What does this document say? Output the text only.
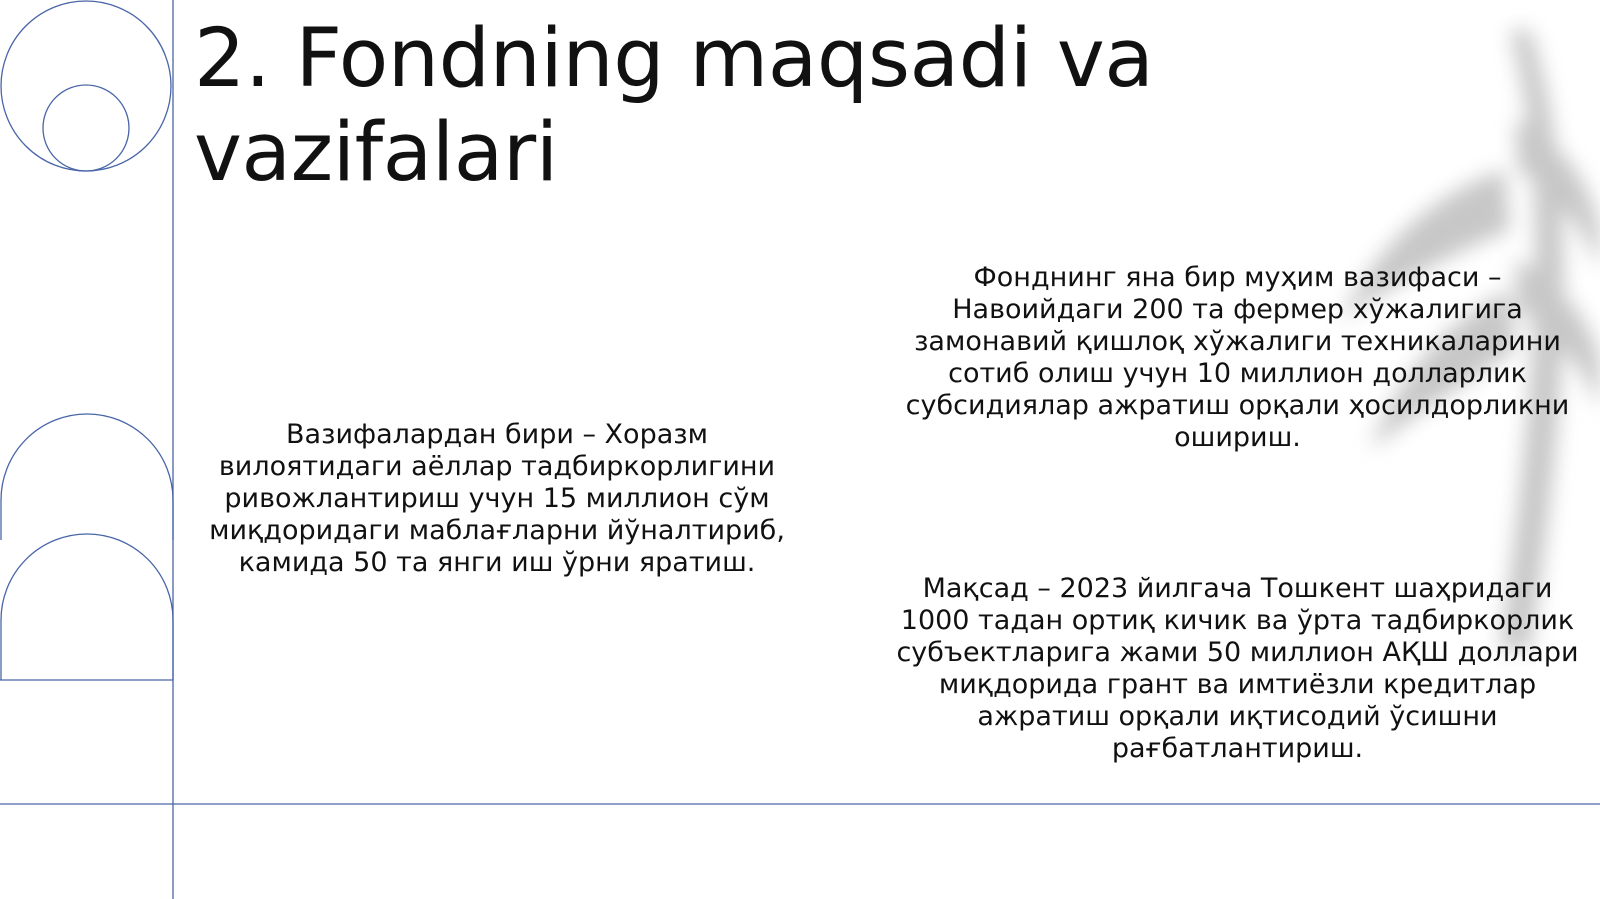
2. Fondning maqsadi va vazifalari

Вазифалардан бири – Хоразм вилоятидаги аёллар тадбиркорлигини ривожлантириш учун 15 миллион сўм миқдоридаги маблағларни йўналтириб, камида 50 та янги иш ўрни яратиш.

Фонднинг яна бир муҳим вазифаси – Навоийдаги 200 та фермер хўжалигига замонавий қишлоқ хўжалиги техникаларини сотиб олиш учун 10 миллион долларлик субсидиялар ажратиш орқали ҳосилдорликни ошириш.

Мақсад – 2023 йилгача Тошкент шаҳридаги 1000 тадан ортиқ кичик ва ўрта тадбиркорлик субъектларига жами 50 миллион АҚШ доллари миқдорида грант ва имтиёзли кредитлар ажратиш орқали иқтисодий ўсишни рағбатлантириш.
